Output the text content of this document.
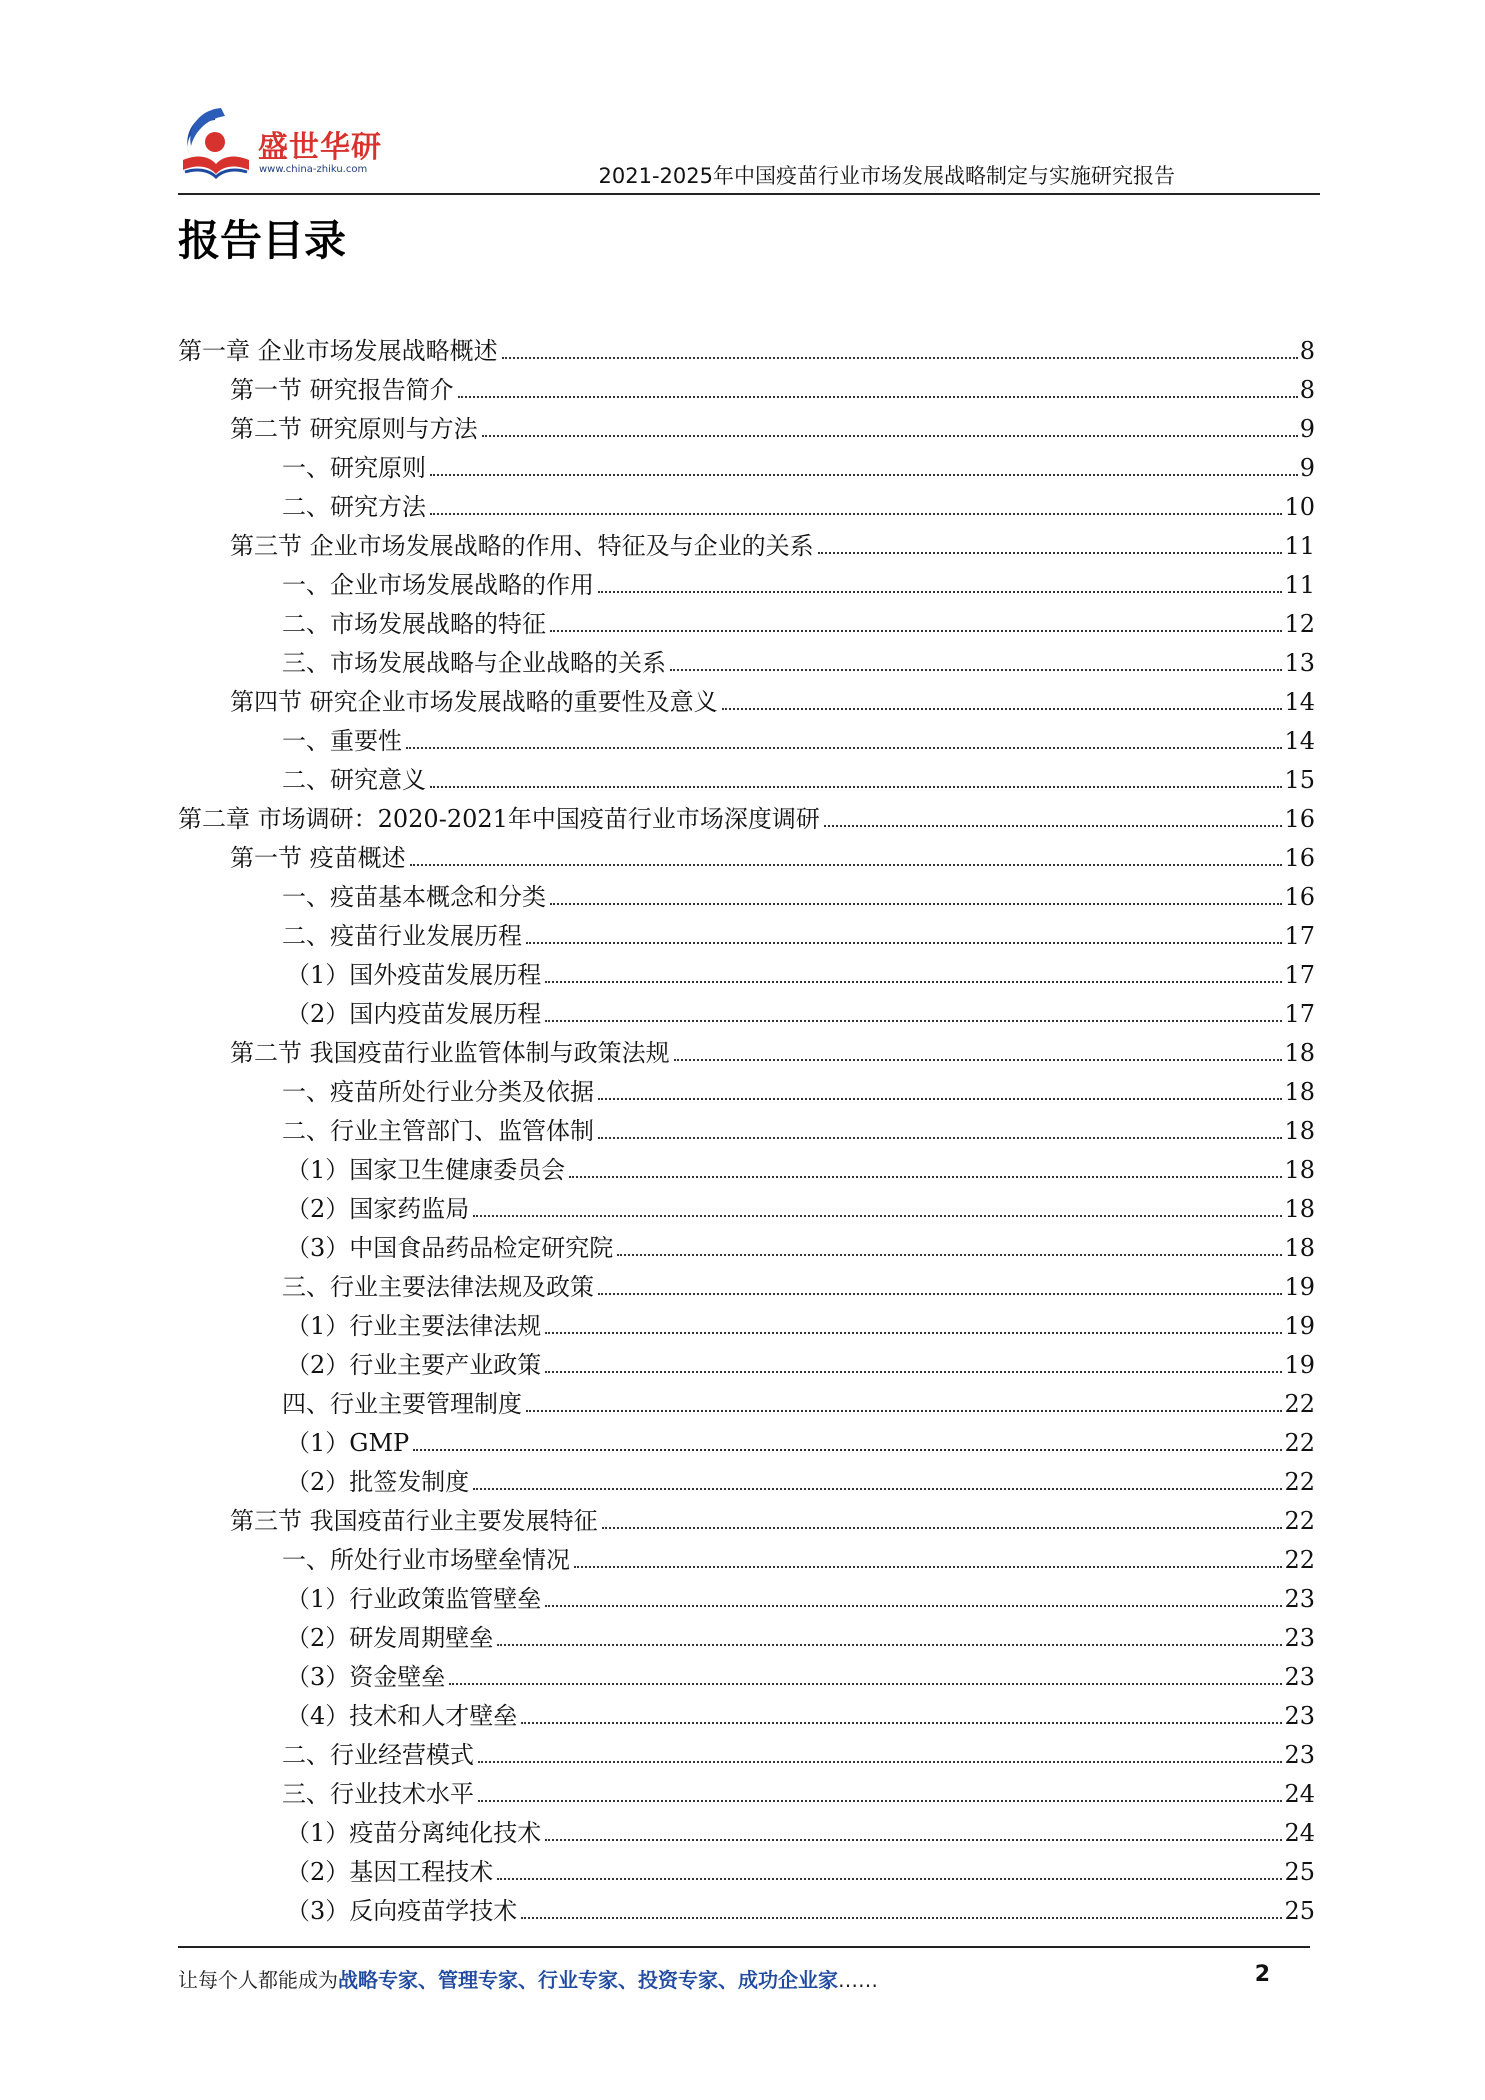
盛世华研
www.china-zhiku.com	2021-2025年中国疫苗行业市场发展战略制定与实施研究报告
报告目录
第一章 企业市场发展战略概述	8
第一节 研究报告简介	8
第二节 研究原则与方法	9
一、研究原则	9
二、研究方法	10
第三节 企业市场发展战略的作用、特征及与企业的关系	11
一、企业市场发展战略的作用	11
二、市场发展战略的特征	12
三、市场发展战略与企业战略的关系	13
第四节 研究企业市场发展战略的重要性及意义	14
一、重要性	14
二、研究意义	15
第二章 市场调研：2020-2021年中国疫苗行业市场深度调研	16
第一节 疫苗概述	16
一、疫苗基本概念和分类	16
二、疫苗行业发展历程	17
（1）国外疫苗发展历程	17
（2）国内疫苗发展历程	17
第二节 我国疫苗行业监管体制与政策法规	18
一、疫苗所处行业分类及依据	18
二、行业主管部门、监管体制	18
（1）国家卫生健康委员会	18
（2）国家药监局	18
（3）中国食品药品检定研究院	18
三、行业主要法律法规及政策	19
（1）行业主要法律法规	19
（2）行业主要产业政策	19
四、行业主要管理制度	22
（1）GMP	22
（2）批签发制度	22
第三节 我国疫苗行业主要发展特征	22
一、所处行业市场壁垒情况	22
（1）行业政策监管壁垒	23
（2）研发周期壁垒	23
（3）资金壁垒	23
（4）技术和人才壁垒	23
二、行业经营模式	23
三、行业技术水平	24
（1）疫苗分离纯化技术	24
（2）基因工程技术	25
（3）反向疫苗学技术	25
让每个人都能成为战略专家、管理专家、行业专家、投资专家、成功企业家……	2
